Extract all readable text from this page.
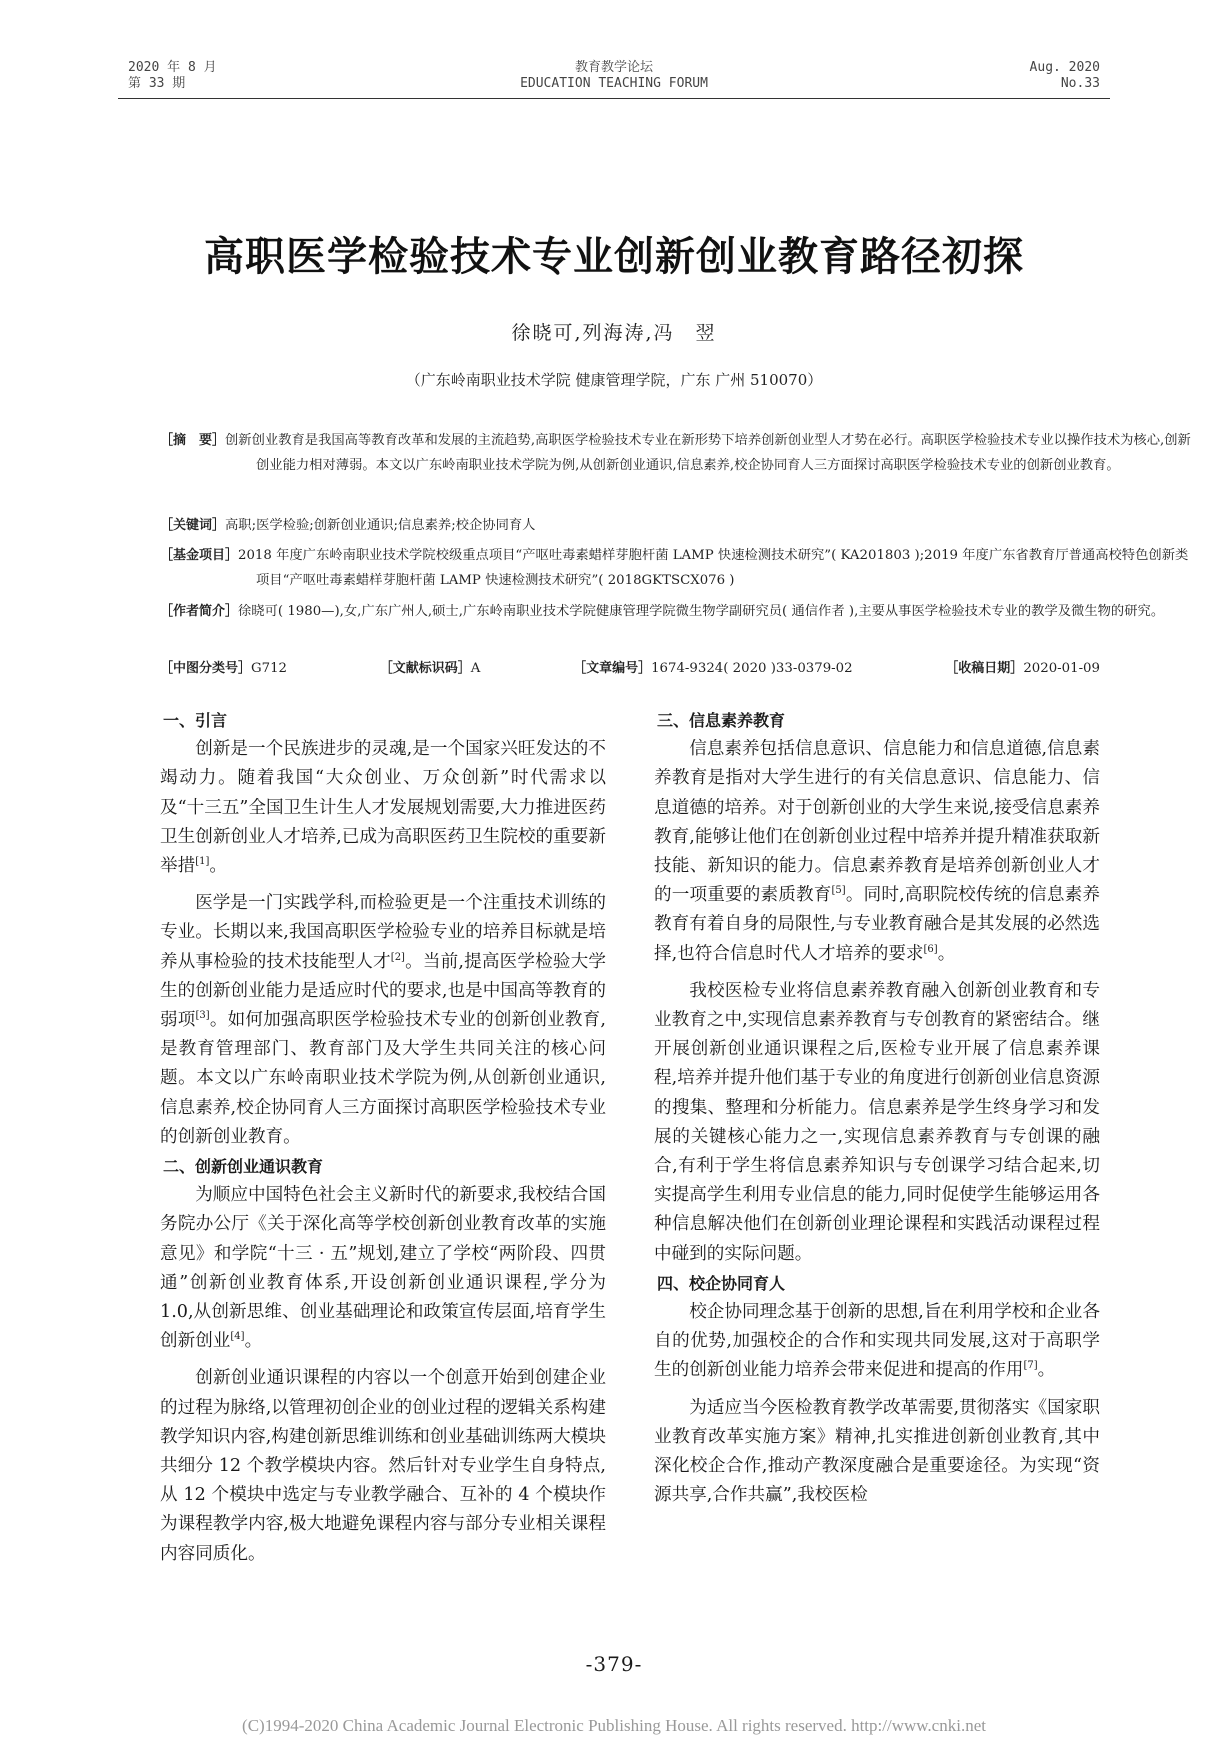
2020 年 8 月
第 33 期
教育教学论坛
EDUCATION TEACHING FORUM
Aug. 2020
No.33
高职医学检验技术专业创新创业教育路径初探
徐晓可,列海涛,冯　翌
（广东岭南职业技术学院 健康管理学院，广东 广州 510070）
［摘　要］创新创业教育是我国高等教育改革和发展的主流趋势,高职医学检验技术专业在新形势下培养创新创业型人才势在必行。高职医学检验技术专业以操作技术为核心,创新创业能力相对薄弱。本文以广东岭南职业技术学院为例,从创新创业通识,信息素养,校企协同育人三方面探讨高职医学检验技术专业的创新创业教育。
［关键词］高职;医学检验;创新创业通识;信息素养;校企协同育人
［基金项目］2018 年度广东岭南职业技术学院校级重点项目“产呕吐毒素蜡样芽胞杆菌 LAMP 快速检测技术研究”( KA201803 );2019 年度广东省教育厅普通高校特色创新类项目“产呕吐毒素蜡样芽胞杆菌 LAMP 快速检测技术研究”( 2018GKTSCX076 )
［作者简介］徐晓可( 1980—),女,广东广州人,硕士,广东岭南职业技术学院健康管理学院微生物学副研究员( 通信作者 ),主要从事医学检验技术专业的教学及微生物的研究。
［中图分类号］G712	［文献标识码］A	［文章编号］1674-9324( 2020 )33-0379-02	［收稿日期］2020-01-09
一、引言

创新是一个民族进步的灵魂,是一个国家兴旺发达的不竭动力。随着我国“大众创业、万众创新”时代需求以及“十三五”全国卫生计生人才发展规划需要,大力推进医药卫生创新创业人才培养,已成为高职医药卫生院校的重要新举措[1]。

医学是一门实践学科,而检验更是一个注重技术训练的专业。长期以来,我国高职医学检验专业的培养目标就是培养从事检验的技术技能型人才[2]。当前,提高医学检验大学生的创新创业能力是适应时代的要求,也是中国高等教育的弱项[3]。如何加强高职医学检验技术专业的创新创业教育,是教育管理部门、教育部门及大学生共同关注的核心问题。本文以广东岭南职业技术学院为例,从创新创业通识,信息素养,校企协同育人三方面探讨高职医学检验技术专业的创新创业教育。

二、创新创业通识教育

为顺应中国特色社会主义新时代的新要求,我校结合国务院办公厅《关于深化高等学校创新创业教育改革的实施意见》和学院“十三 · 五”规划,建立了学校“两阶段、四贯通”创新创业教育体系,开设创新创业通识课程,学分为 1.0,从创新思维、创业基础理论和政策宣传层面,培育学生创新创业[4]。

创新创业通识课程的内容以一个创意开始到创建企业的过程为脉络,以管理初创企业的创业过程的逻辑关系构建教学知识内容,构建创新思维训练和创业基础训练两大模块共细分 12 个教学模块内容。然后针对专业学生自身特点,从 12 个模块中选定与专业教学融合、互补的 4 个模块作为课程教学内容,极大地避免课程内容与部分专业相关课程内容同质化。

三、信息素养教育

信息素养包括信息意识、信息能力和信息道德,信息素养教育是指对大学生进行的有关信息意识、信息能力、信息道德的培养。对于创新创业的大学生来说,接受信息素养教育,能够让他们在创新创业过程中培养并提升精准获取新技能、新知识的能力。信息素养教育是培养创新创业人才的一项重要的素质教育[5]。同时,高职院校传统的信息素养教育有着自身的局限性,与专业教育融合是其发展的必然选择,也符合信息时代人才培养的要求[6]。

我校医检专业将信息素养教育融入创新创业教育和专业教育之中,实现信息素养教育与专创教育的紧密结合。继开展创新创业通识课程之后,医检专业开展了信息素养课程,培养并提升他们基于专业的角度进行创新创业信息资源的搜集、整理和分析能力。信息素养是学生终身学习和发展的关键核心能力之一,实现信息素养教育与专创课的融合,有利于学生将信息素养知识与专创课学习结合起来,切实提高学生利用专业信息的能力,同时促使学生能够运用各种信息解决他们在创新创业理论课程和实践活动课程过程中碰到的实际问题。

四、校企协同育人

校企协同理念基于创新的思想,旨在利用学校和企业各自的优势,加强校企的合作和实现共同发展,这对于高职学生的创新创业能力培养会带来促进和提高的作用[7]。

为适应当今医检教育教学改革需要,贯彻落实《国家职业教育改革实施方案》精神,扎实推进创新创业教育,其中深化校企合作,推动产教深度融合是重要途径。为实现“资源共享,合作共赢”,我校医检

-379-
(C)1994-2020 China Academic Journal Electronic Publishing House. All rights reserved. http://www.cnki.net
